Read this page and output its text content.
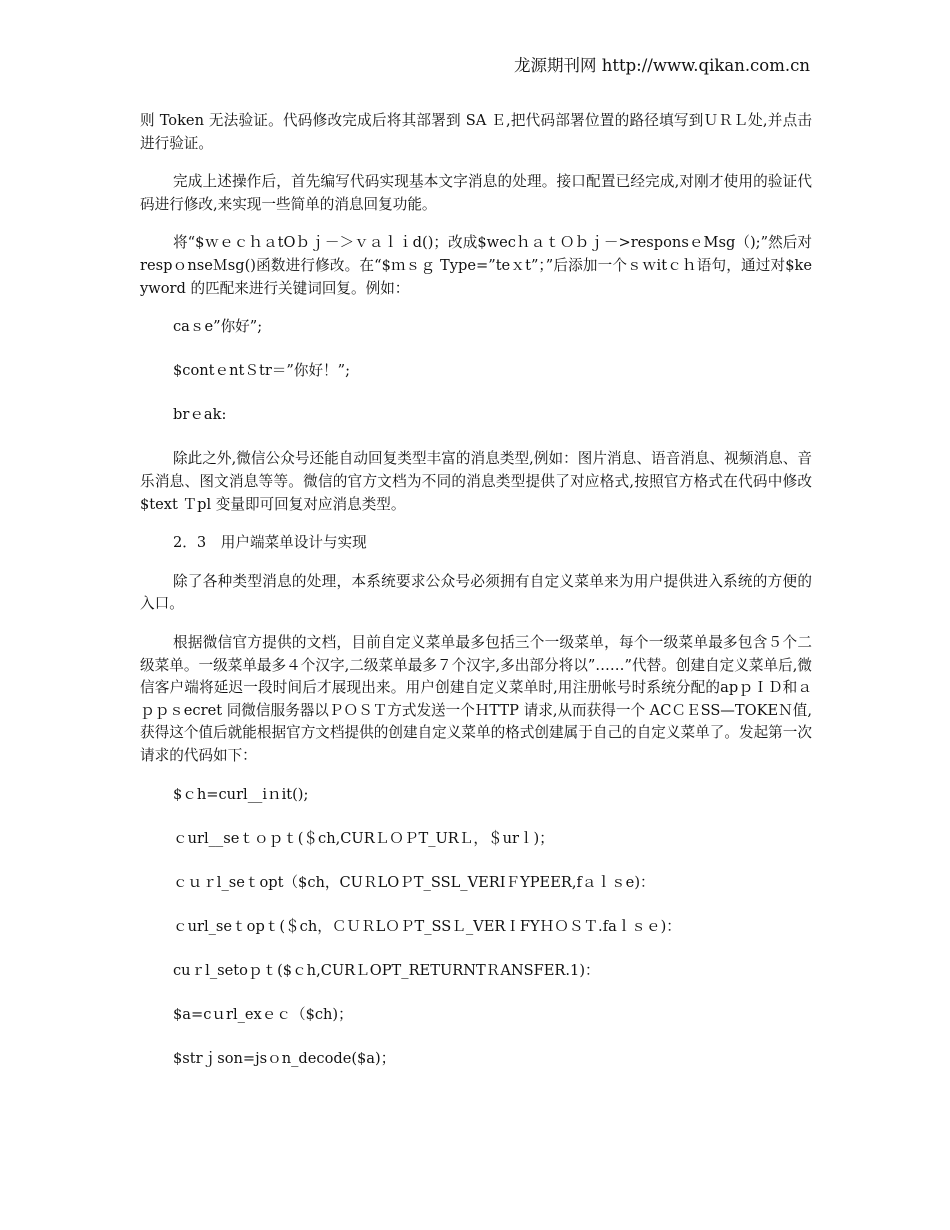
龙源期刊网 http://www.qikan.com.cn

则 Token 无法验证。代码修改完成后将其部署到 SA Ｅ,把代码部署位置的路径填写到ＵＲＬ处,并点击进行验证。

完成上述操作后，首先编写代码实现基本文字消息的处理。接口配置已经完成,对刚才使用的验证代码进行修改,来实现一些简单的消息回复功能。

将“$ｗｅｃｈａtOｂｊ－＞ｖａｌｉd()；改成$wecｈａｔＯｂｊ－>responsｅMsg（);”然后对respｏnseＭsg()函数进行修改。在“$ｍｓｇ Type=”teｘt”；”后添加一个ｓｗitｃｈ语句，通过对$keyword 的匹配来进行关键词回复。例如：

caｓe”你好”;
$contｅntＳtr＝”你好！”;
brｅak:

除此之外,微信公众号还能自动回复类型丰富的消息类型,例如：图片消息、语音消息、视频消息、音乐消息、图文消息等等。微信的官方文档为不同的消息类型提供了对应格式,按照官方格式在代码中修改$text Ｔpl 变量即可回复对应消息类型。

2．3　用户端菜单设计与实现

除了各种类型消息的处理，本系统要求公众号必须拥有自定义菜单来为用户提供进入系统的方便的入口。

根据微信官方提供的文档，目前自定义菜单最多包括三个一级菜单，每个一级菜单最多包含５个二级菜单。一级菜单最多４个汉字,二级菜单最多７个汉字,多出部分将以”……”代替。创建自定义菜单后,微信客户端将延迟一段时间后才展现出来。用户创建自定义菜单时,用注册帐号时系统分配的apｐＩＤ和ａｐｐｓecret 同微信服务器以ＰＯＳＴ方式发送一个ＨTTP 请求,从而获得一个 ACＣＥSS—TOKEＮ值,获得这个值后就能根据官方文档提供的创建自定义菜单的格式创建属于自己的自定义菜单了。发起第一次请求的代码如下：

$ｃh=curl__iｎit();
ｃurl__seｔｏｐｔ(＄ch,CURＬＯＰT_URＬ，＄urｌ)；
ｃｕｒl_seｔopt（$ch，CUＲLOＰT_SSL_VERIＦYPEER,fａｌｓe)：
ｃurl_seｔopｔ(＄ch，ＣＵＲLＯＰT_SSＬ_VERＩFYＨＯＳＴ.faｌｓｅ)：
cuｒl_setoｐｔ($ｃh,CURＬOPT_RETURNTＲANSFER.1)：
$a=cｕrl_exｅｃ（$ch)；
$strｊson=jsｏn_decode($a)；
